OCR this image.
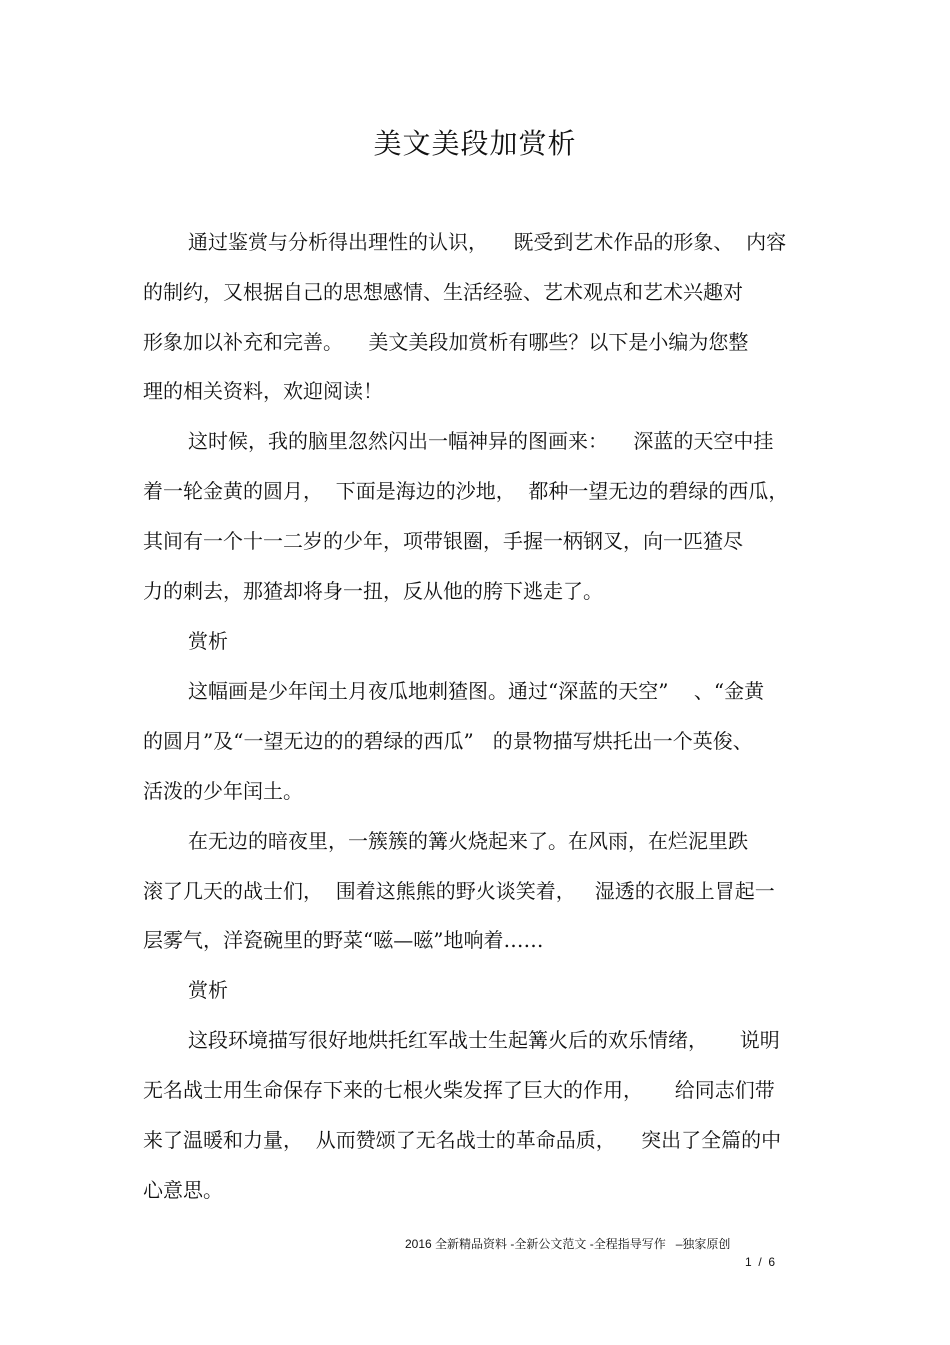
美文美段加赏析

通过鉴赏与分析得出理性的认识，    既受到艺术作品的形象、  内容

的制约，又根据自己的思想感情、生活经验、艺术观点和艺术兴趣对

形象加以补充和完善。    美文美段加赏析有哪些？以下是小编为您整

理的相关资料，欢迎阅读！

这时候，我的脑里忽然闪出一幅神异的图画来：    深蓝的天空中挂

着一轮金黄的圆月，  下面是海边的沙地，  都种一望无边的碧绿的西瓜，

其间有一个十一二岁的少年，项带银圈，手握一柄钢叉，向一匹猹尽

力的刺去，那猹却将身一扭，反从他的胯下逃走了。

赏析

这幅画是少年闰土月夜瓜地刺猹图。通过“深蓝的天空”    、“金黄

的圆月”及“一望无边的的碧绿的西瓜”   的景物描写烘托出一个英俊、

活泼的少年闰土。

在无边的暗夜里，一簇簇的篝火烧起来了。在风雨，在烂泥里跌

滚了几天的战士们，  围着这熊熊的野火谈笑着，   湿透的衣服上冒起一

层雾气，洋瓷碗里的野菜“嗞—嗞”地响着……

赏析

这段环境描写很好地烘托红军战士生起篝火后的欢乐情绪，     说明

无名战士用生命保存下来的七根火柴发挥了巨大的作用，     给同志们带

来了温暖和力量，  从而赞颂了无名战士的革命品质，    突出了全篇的中

心意思。

2016 全新精品资料 -全新公文范文 -全程指导写作   –独家原创
1  /  6
